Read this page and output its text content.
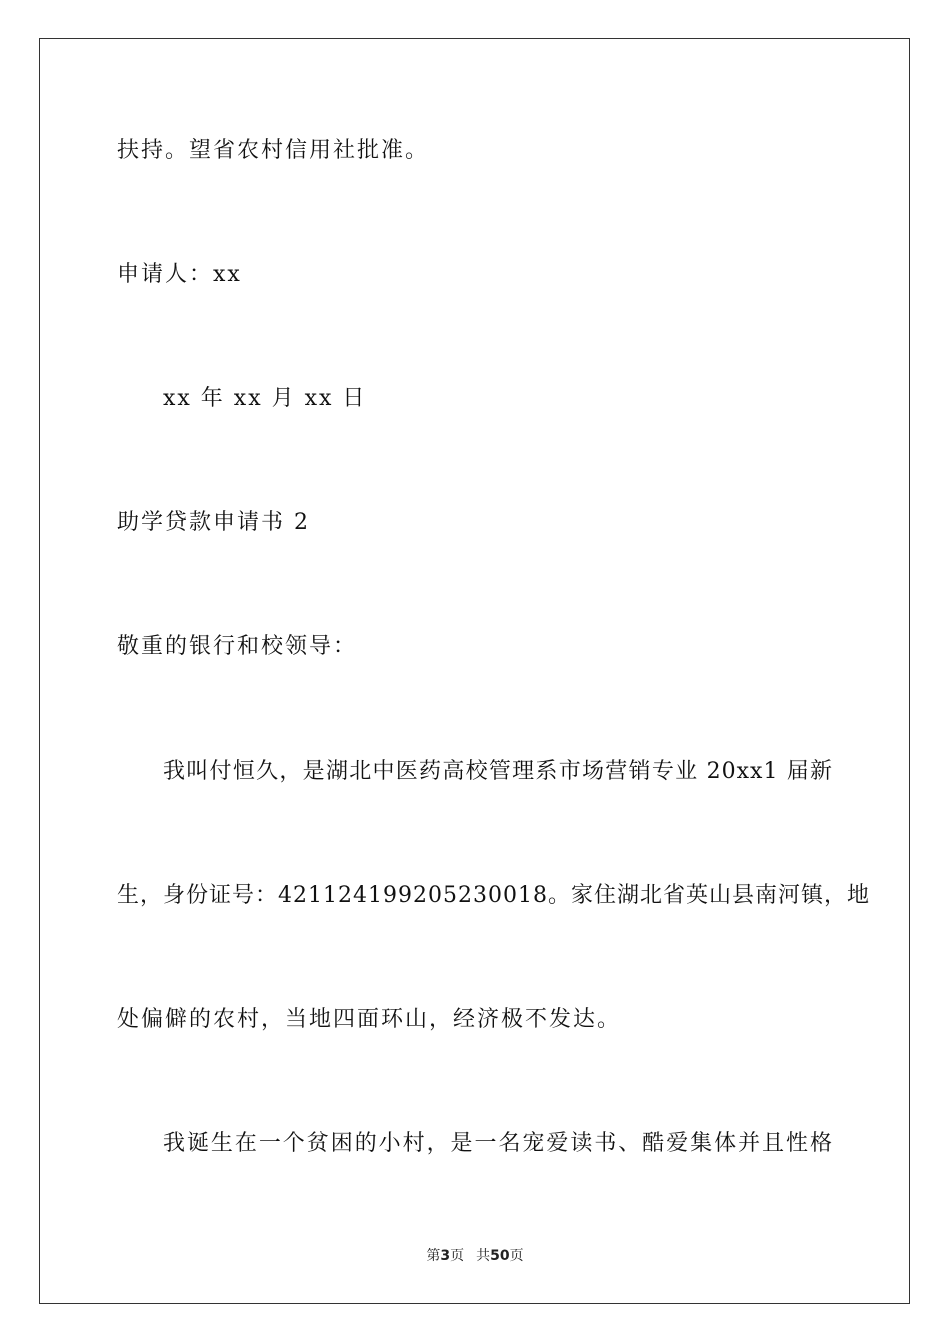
扶持。望省农村信用社批准。
申请人：xx
xx 年 xx 月 xx 日
助学贷款申请书 2
敬重的银行和校领导：
我叫付恒久，是湖北中医药高校管理系市场营销专业 20xx1 届新
生，身份证号：421124199205230018。家住湖北省英山县南河镇，地
处偏僻的农村，当地四面环山，经济极不发达。
我诞生在一个贫困的小村，是一名宠爱读书、酷爱集体并且性格
第3页 共50页
